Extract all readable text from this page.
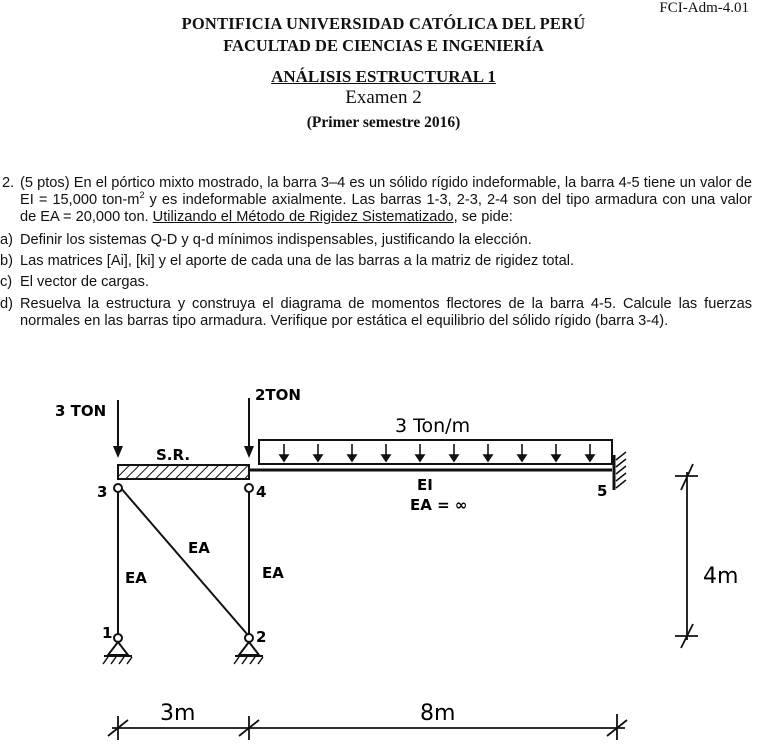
FCI-Adm-4.01
PONTIFICIA UNIVERSIDAD CATÓLICA DEL PERÚ
FACULTAD DE CIENCIAS E INGENIERÍA
ANÁLISIS ESTRUCTURAL 1
Examen 2
(Primer semestre 2016)
2. (5 ptos) En el pórtico mixto mostrado, la barra 3–4 es un sólido rígido indeformable, la barra 4-5 tiene un valor de EI = 15,000 ton-$m^2$ y es indeformable axialmente. Las barras 1-3, 2-3, 2-4 son del tipo armadura con una valor de EA = 20,000 ton. Utilizando el Método de Rigidez Sistematizado, se pide:
a) Definir los sistemas Q-D y q-d mínimos indispensables, justificando la elección.
b) Las matrices [Ai], [ki] y el aporte de cada una de las barras a la matriz de rigidez total.
c) El vector de cargas.
d) Resuelva la estructura y construya el diagrama de momentos flectores de la barra 4-5. Calcule las fuerzas normales en las barras tipo armadura. Verifique por estática el equilibrio del sólido rígido (barra 3-4).
3 TON
2TON
3 Ton/m
S.R.
EI
EA = ∞
EA
EA
EA
3	4	5
1	2
4m
3m	8m
